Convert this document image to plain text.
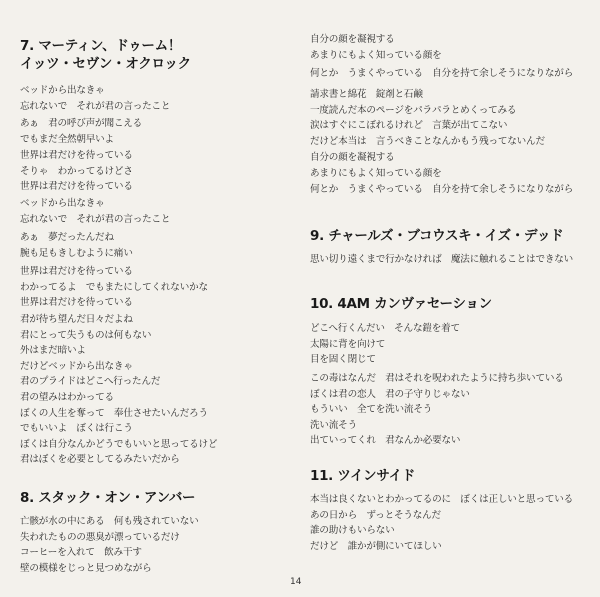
7. マーティン、ドゥーム！
イッツ・セヴン・オクロック
ベッドから出なきゃ
忘れないで　それが君の言ったこと
あぁ　君の呼び声が聞こえる
でもまだ全然朝早いよ
世界は君だけを待っている
そりゃ　わかってるけどさ
世界は君だけを待っている
ベッドから出なきゃ
忘れないで　それが君の言ったこと
あぁ　夢だったんだね
腕も足もきしむように痛い
世界は君だけを待っている
わかってるよ　でもまたにしてくれないかな
世界は君だけを待っている
君が待ち望んだ日々だよね
君にとって失うものは何もない
外はまだ暗いよ
だけどベッドから出なきゃ
君のプライドはどこへ行ったんだ
君の望みはわかってる
ぼくの人生を奪って　奉仕させたいんだろう
でもいいよ　ぼくは行こう
ぼくは自分なんかどうでもいいと思ってるけど
君はぼくを必要としてるみたいだから
8. スタック・オン・アンバー
亡骸が水の中にある　何も残されていない
失われたものの悪臭が漂っているだけ
コーヒーを入れて　飲み干す
壁の模様をじっと見つめながら
自分の顔を凝視する
あまりにもよく知っている顔を
何とか　うまくやっている　自分を持て余しそうになりながら
請求書と綿花　錠剤と石鹸
一度読んだ本のページをパラパラとめくってみる
涙はすぐにこぼれるけれど　言葉が出てこない
だけど本当は　言うべきことなんかもう残ってないんだ
自分の顔を凝視する
あまりにもよく知っている顔を
何とか　うまくやっている　自分を持て余しそうになりながら
9. チャールズ・ブコウスキ・イズ・デッド
思い切り遠くまで行かなければ　魔法に触れることはできない
10. 4AM カンヴァセーション
どこへ行くんだい　そんな鎧を着て
太陽に背を向けて
目を固く閉じて
この毒はなんだ　君はそれを呪われたように持ち歩いている
ぼくは君の恋人　君の子守りじゃない
もういい　全てを洗い流そう
洗い流そう
出ていってくれ　君なんか必要ない
11. ツインサイド
本当は良くないとわかってるのに　ぼくは正しいと思っている
あの日から　ずっとそうなんだ
誰の助けもいらない
だけど　誰かが側にいてほしい
14
